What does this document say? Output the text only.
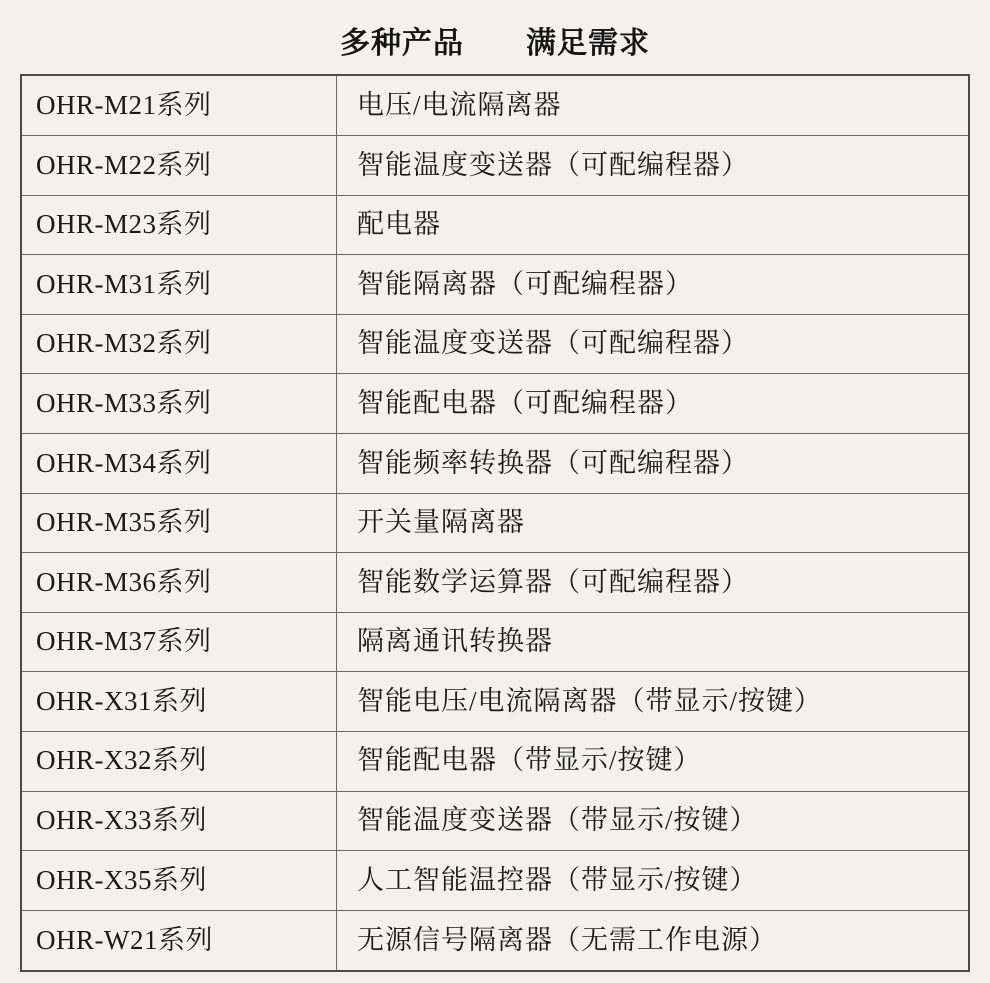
多种产品　　满足需求
OHR-M21系列	电压/电流隔离器
OHR-M22系列	智能温度变送器（可配编程器）
OHR-M23系列	配电器
OHR-M31系列	智能隔离器（可配编程器）
OHR-M32系列	智能温度变送器（可配编程器）
OHR-M33系列	智能配电器（可配编程器）
OHR-M34系列	智能频率转换器（可配编程器）
OHR-M35系列	开关量隔离器
OHR-M36系列	智能数学运算器（可配编程器）
OHR-M37系列	隔离通讯转换器
OHR-X31系列	智能电压/电流隔离器（带显示/按键）
OHR-X32系列	智能配电器（带显示/按键）
OHR-X33系列	智能温度变送器（带显示/按键）
OHR-X35系列	人工智能温控器（带显示/按键）
OHR-W21系列	无源信号隔离器（无需工作电源）
